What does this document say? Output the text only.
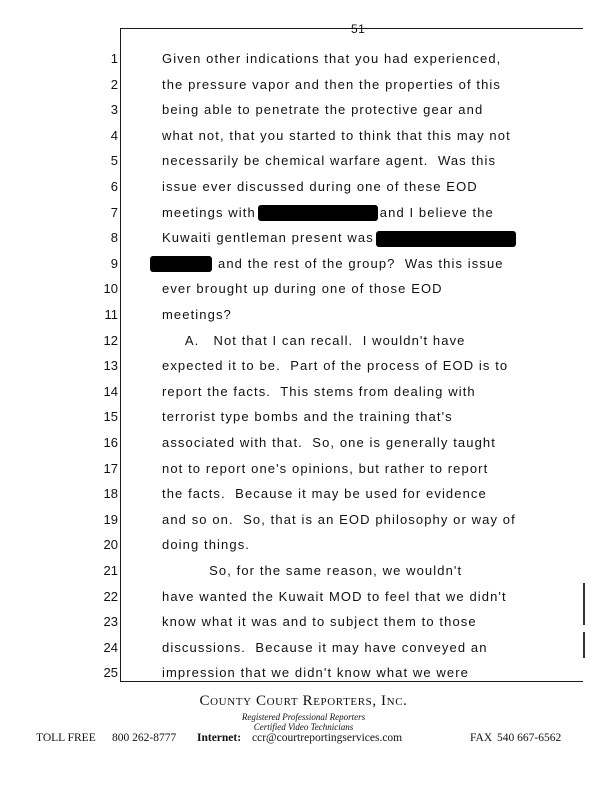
51
1	Given other indications that you had experienced,
2	the pressure vapor and then the properties of this
3	being able to penetrate the protective gear and
4	what not, that you started to think that this may not
5	necessarily be chemical warfare agent.  Was this
6	issue ever discussed during one of these EOD
7	meetings with	and I believe the
8	Kuwaiti gentleman present was
9	and the rest of the group?  Was this issue
10	ever brought up during one of those EOD
11	meetings?
12	A.   Not that I can recall.  I wouldn't have
13	expected it to be.  Part of the process of EOD is to
14	report the facts.  This stems from dealing with
15	terrorist type bombs and the training that's
16	associated with that.  So, one is generally taught
17	not to report one's opinions, but rather to report
18	the facts.  Because it may be used for evidence
19	and so on.  So, that is an EOD philosophy or way of
20	doing things.
21	So, for the same reason, we wouldn't
22	have wanted the Kuwait MOD to feel that we didn't
23	know what it was and to subject them to those
24	discussions.  Because it may have conveyed an
25	impression that we didn't know what we were
County Court Reporters, Inc.
Registered Professional Reporters
Certified Video Technicians
TOLL FREE 800 262-8777 Internet: ccr@courtreportingservices.com	FAX 540 667-6562
